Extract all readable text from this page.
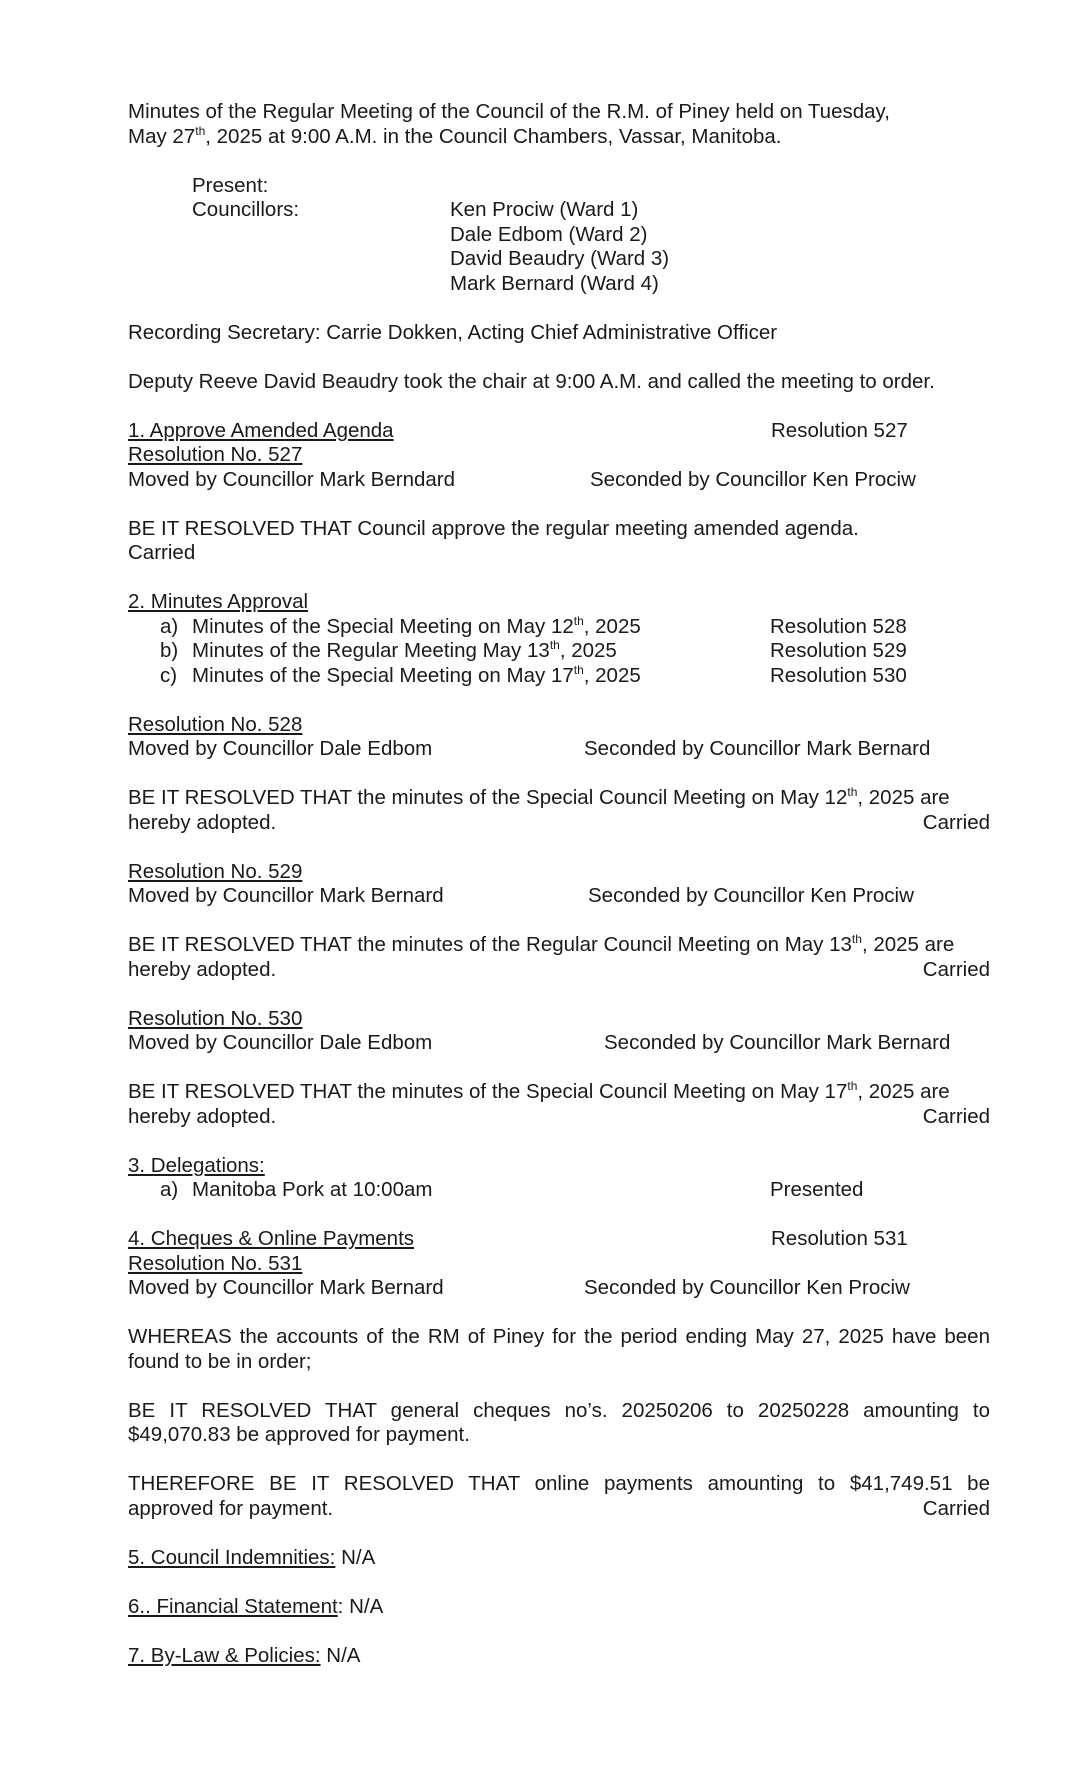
Minutes of the Regular Meeting of the Council of the R.M. of Piney held on Tuesday,

May 27th, 2025 at 9:00 A.M. in the Council Chambers, Vassar, Manitoba.

Present:

Councillors:	Ken Prociw (Ward 1)
Dale Edbom (Ward 2)
David Beaudry (Ward 3)
Mark Bernard (Ward 4)

Recording Secretary: Carrie Dokken, Acting Chief Administrative Officer

Deputy Reeve David Beaudry took the chair at 9:00 A.M. and called the meeting to order.

1. Approve Amended Agenda	Resolution 527

Resolution No. 527

Moved by Councillor Mark Berndard	Seconded by Councillor Ken Prociw

BE IT RESOLVED THAT Council approve the regular meeting amended agenda.

Carried

2. Minutes Approval

a) Minutes of the Special Meeting on May 12th, 2025	Resolution 528
b) Minutes of the Regular Meeting May 13th, 2025	Resolution 529
c) Minutes of the Special Meeting on May 17th, 2025	Resolution 530

Resolution No. 528

Moved by Councillor Dale Edbom	Seconded by Councillor Mark Bernard

BE IT RESOLVED THAT the minutes of the Special Council Meeting on May 12th, 2025 are

hereby adopted.	Carried

Resolution No. 529

Moved by Councillor Mark Bernard	Seconded by Councillor Ken Prociw

BE IT RESOLVED THAT the minutes of the Regular Council Meeting on May 13th, 2025 are

hereby adopted.	Carried

Resolution No. 530

Moved by Councillor Dale Edbom	Seconded by Councillor Mark Bernard

BE IT RESOLVED THAT the minutes of the Special Council Meeting on May 17th, 2025 are

hereby adopted.	Carried

3. Delegations:

a) Manitoba Pork at 10:00am	Presented
4. Cheques & Online Payments	Resolution 531

Resolution No. 531

Moved by Councillor Mark Bernard	Seconded by Councillor Ken Prociw

WHEREAS the accounts of the RM of Piney for the period ending May 27, 2025 have been found to be in order;

BE IT RESOLVED THAT general cheques no’s. 20250206 to 20250228 amounting to $49,070.83 be approved for payment.

THEREFORE BE IT RESOLVED THAT online payments amounting to $41,749.51 be

approved for payment.	Carried

5. Council Indemnities: N/A

6.. Financial Statement: N/A

7. By-Law & Policies: N/A
